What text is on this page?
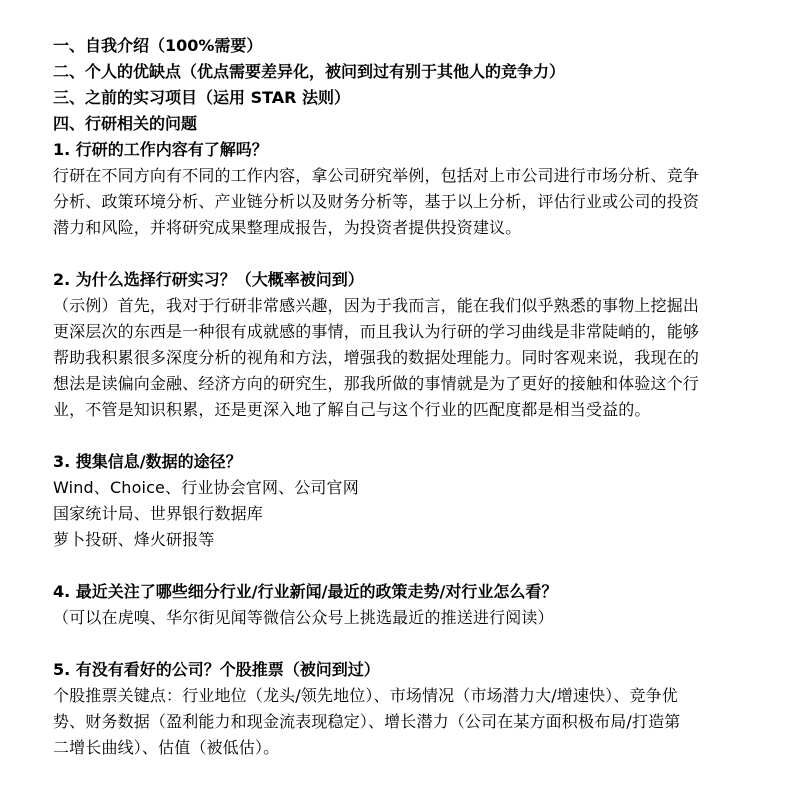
一、自我介绍（100%需要）
二、个人的优缺点（优点需要差异化，被问到过有别于其他人的竞争力）
三、之前的实习项目（运用 STAR 法则）
四、行研相关的问题
1. 行研的工作内容有了解吗？
行研在不同方向有不同的工作内容，拿公司研究举例，包括对上市公司进行市场分析、竞争
分析、政策环境分析、产业链分析以及财务分析等，基于以上分析，评估行业或公司的投资
潜力和风险，并将研究成果整理成报告，为投资者提供投资建议。
2. 为什么选择行研实习？（大概率被问到）
（示例）首先，我对于行研非常感兴趣，因为于我而言，能在我们似乎熟悉的事物上挖掘出
更深层次的东西是一种很有成就感的事情，而且我认为行研的学习曲线是非常陡峭的，能够
帮助我积累很多深度分析的视角和方法，增强我的数据处理能力。同时客观来说，我现在的
想法是读偏向金融、经济方向的研究生，那我所做的事情就是为了更好的接触和体验这个行
业，不管是知识积累，还是更深入地了解自己与这个行业的匹配度都是相当受益的。
3. 搜集信息/数据的途径？
Wind、Choice、行业协会官网、公司官网
国家统计局、世界银行数据库
萝卜投研、烽火研报等
4. 最近关注了哪些细分行业/行业新闻/最近的政策走势/对行业怎么看？
（可以在虎嗅、华尔街见闻等微信公众号上挑选最近的推送进行阅读）
5. 有没有看好的公司？个股推票（被问到过）
个股推票关键点：行业地位（龙头/领先地位）、市场情况（市场潜力大/增速快）、竞争优
势、财务数据（盈利能力和现金流表现稳定）、增长潜力（公司在某方面积极布局/打造第
二增长曲线）、估值（被低估）。
